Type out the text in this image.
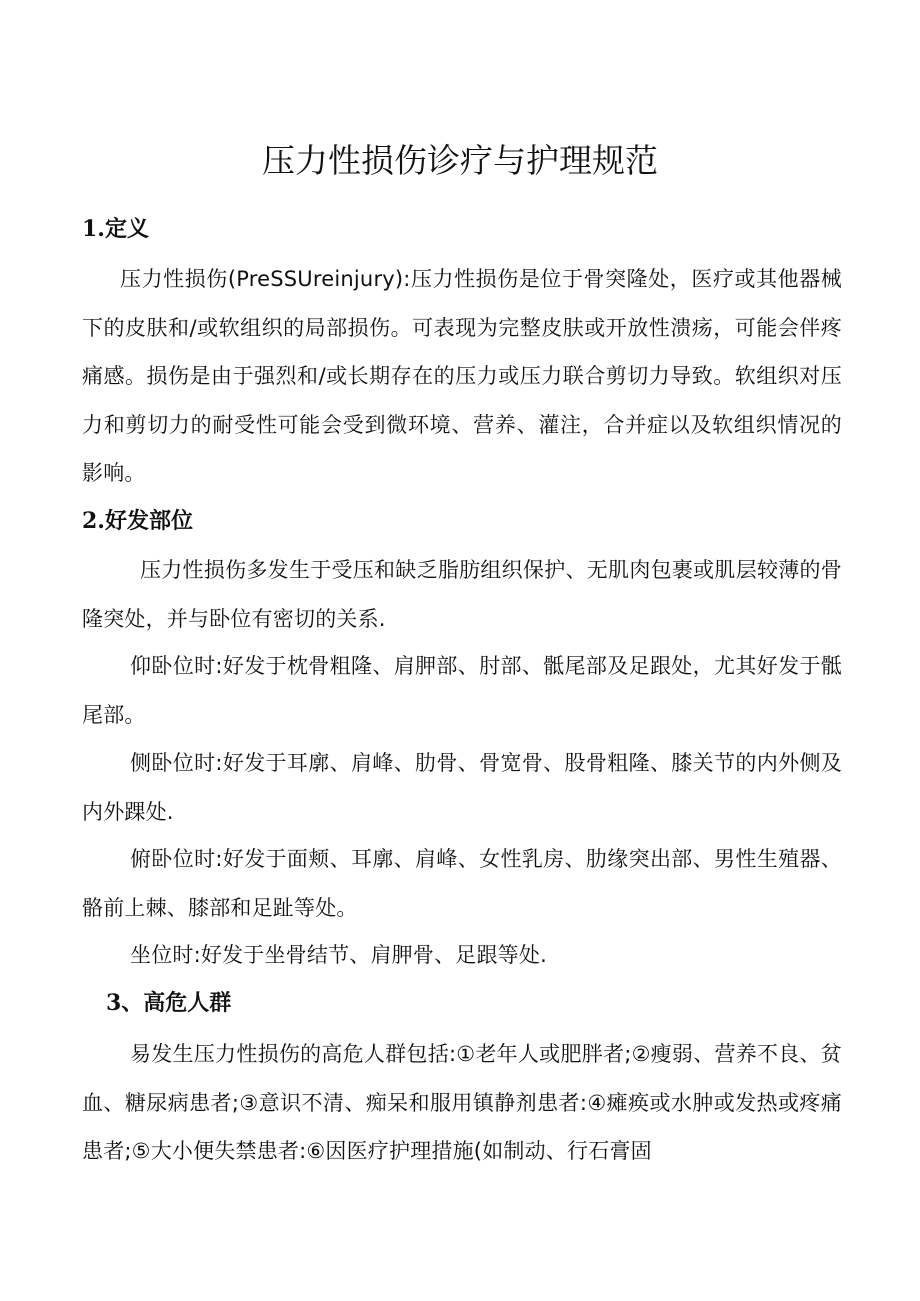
压力性损伤诊疗与护理规范
1.定义

压力性损伤(PreSSUreinjury):压力性损伤是位于骨突隆处，医疗或其他器械下的皮肤和/或软组织的局部损伤。可表现为完整皮肤或开放性溃疡，可能会伴疼痛感。损伤是由于强烈和/或长期存在的压力或压力联合剪切力导致。软组织对压力和剪切力的耐受性可能会受到微环境、营养、灌注，合并症以及软组织情况的影响。

2.好发部位

压力性损伤多发生于受压和缺乏脂肪组织保护、无肌肉包裹或肌层较薄的骨隆突处，并与卧位有密切的关系.

仰卧位时:好发于枕骨粗隆、肩胛部、肘部、骶尾部及足跟处，尤其好发于骶尾部。

侧卧位时:好发于耳廓、肩峰、肋骨、骨宽骨、股骨粗隆、膝关节的内外侧及内外踝处.

俯卧位时:好发于面颊、耳廓、肩峰、女性乳房、肋缘突出部、男性生殖器、骼前上棘、膝部和足趾等处。

坐位时:好发于坐骨结节、肩胛骨、足跟等处.

3、高危人群

易发生压力性损伤的高危人群包括:①老年人或肥胖者;②瘦弱、营养不良、贫血、糖尿病患者;③意识不清、痴呆和服用镇静剂患者:④瘫痪或水肿或发热或疼痛患者;⑤大小便失禁患者:⑥因医疗护理措施(如制动、行石膏固
